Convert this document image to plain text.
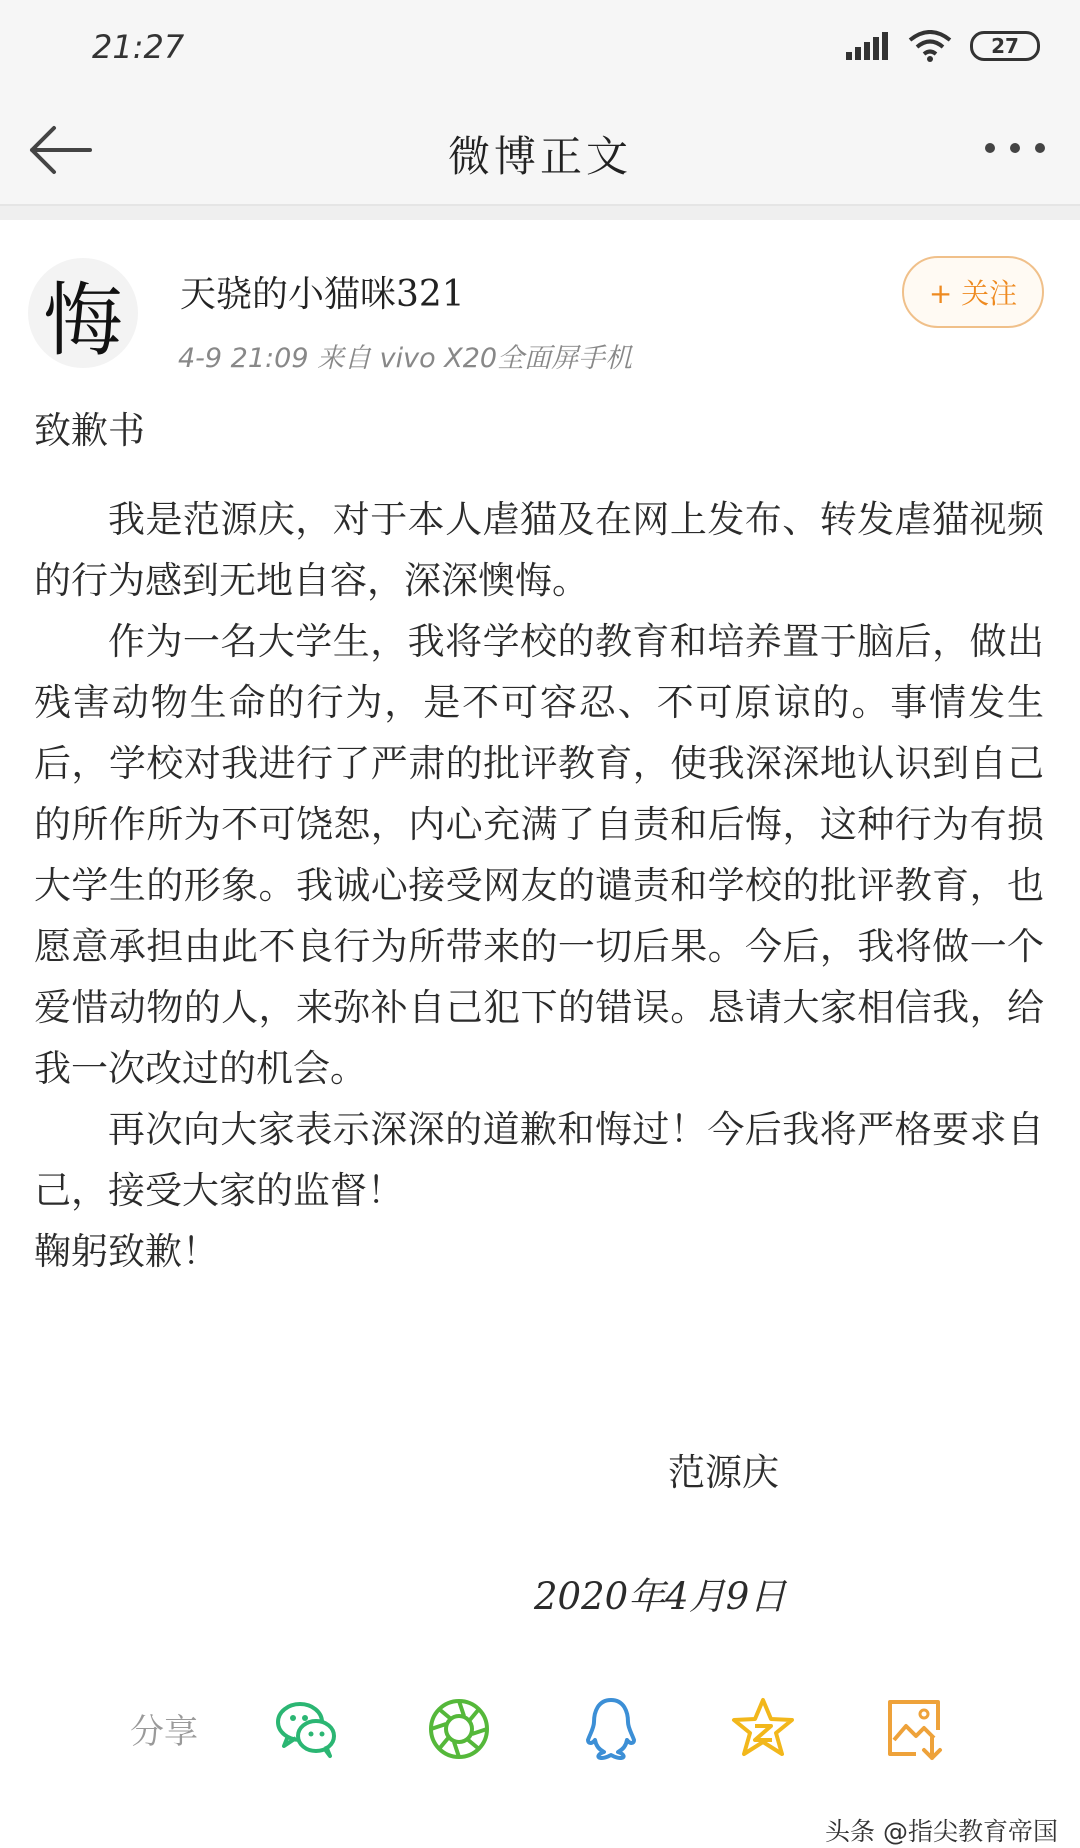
21:27	27
微博正文
悔	天骁的小猫咪321
4-9 21:09 来自 vivo X20全面屏手机
+ 关注

致歉书

我是范源庆，对于本人虐猫及在网上发布、转发虐猫视频的行为感到无地自容，深深懊悔。

作为一名大学生，我将学校的教育和培养置于脑后，做出残害动物生命的行为，是不可容忍、不可原谅的。事情发生后，学校对我进行了严肃的批评教育，使我深深地认识到自己的所作所为不可饶恕，内心充满了自责和后悔，这种行为有损大学生的形象。我诚心接受网友的谴责和学校的批评教育，也愿意承担由此不良行为所带来的一切后果。今后，我将做一个爱惜动物的人，来弥补自己犯下的错误。恳请大家相信我，给我一次改过的机会。

再次向大家表示深深的道歉和悔过！今后我将严格要求自己，接受大家的监督！

鞠躬致歉！

范源庆
2020年4月9日
分享
头条 @指尖教育帝国
